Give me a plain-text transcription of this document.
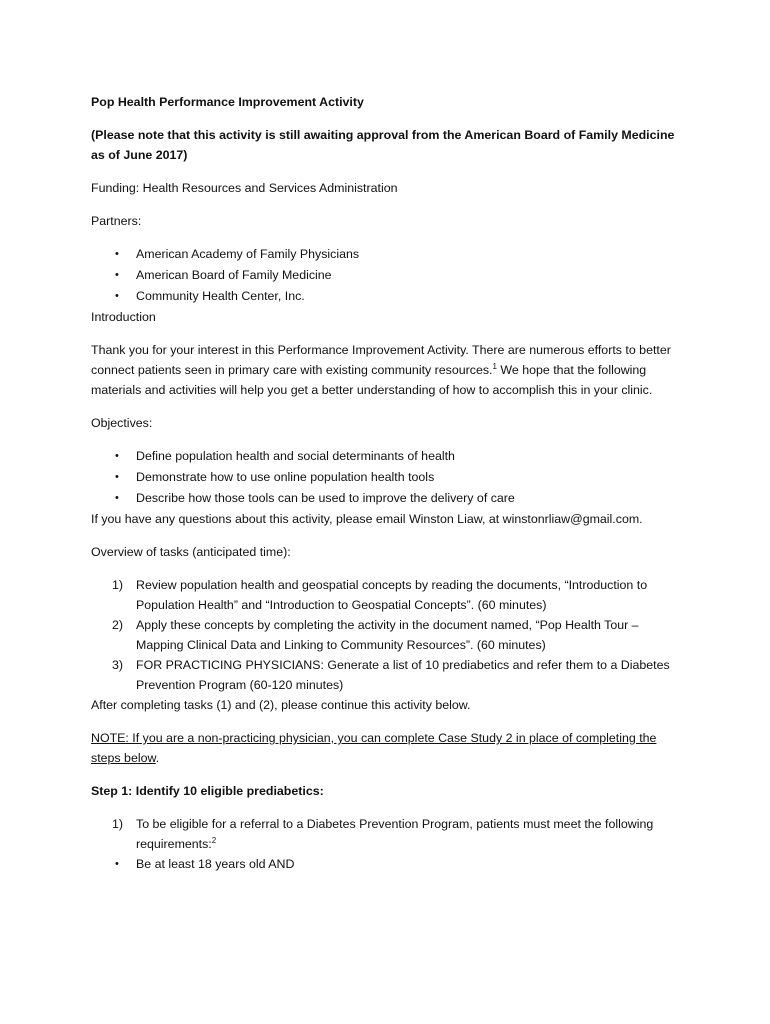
Pop Health Performance Improvement Activity

(Please note that this activity is still awaiting approval from the American Board of Family Medicine as of June 2017)

Funding: Health Resources and Services Administration

Partners:

• American Academy of Family Physicians
• American Board of Family Medicine
• Community Health Center, Inc.

Introduction

Thank you for your interest in this Performance Improvement Activity. There are numerous efforts to better connect patients seen in primary care with existing community resources.$^1$ We hope that the following materials and activities will help you get a better understanding of how to accomplish this in your clinic.

Objectives:

• Define population health and social determinants of health
• Demonstrate how to use online population health tools
• Describe how those tools can be used to improve the delivery of care

If you have any questions about this activity, please email Winston Liaw, at winstonrliaw@gmail.com.

Overview of tasks (anticipated time):

1) Review population health and geospatial concepts by reading the documents, “Introduction to Population Health” and “Introduction to Geospatial Concepts”. (60 minutes)
2) Apply these concepts by completing the activity in the document named, “Pop Health Tour – Mapping Clinical Data and Linking to Community Resources”. (60 minutes)
3) FOR PRACTICING PHYSICIANS: Generate a list of 10 prediabetics and refer them to a Diabetes Prevention Program (60-120 minutes)

After completing tasks (1) and (2), please continue this activity below.

NOTE: If you are a non-practicing physician, you can complete Case Study 2 in place of completing the steps below.

Step 1: Identify 10 eligible prediabetics:

1) To be eligible for a referral to a Diabetes Prevention Program, patients must meet the following requirements:$^2$
• Be at least 18 years old AND
